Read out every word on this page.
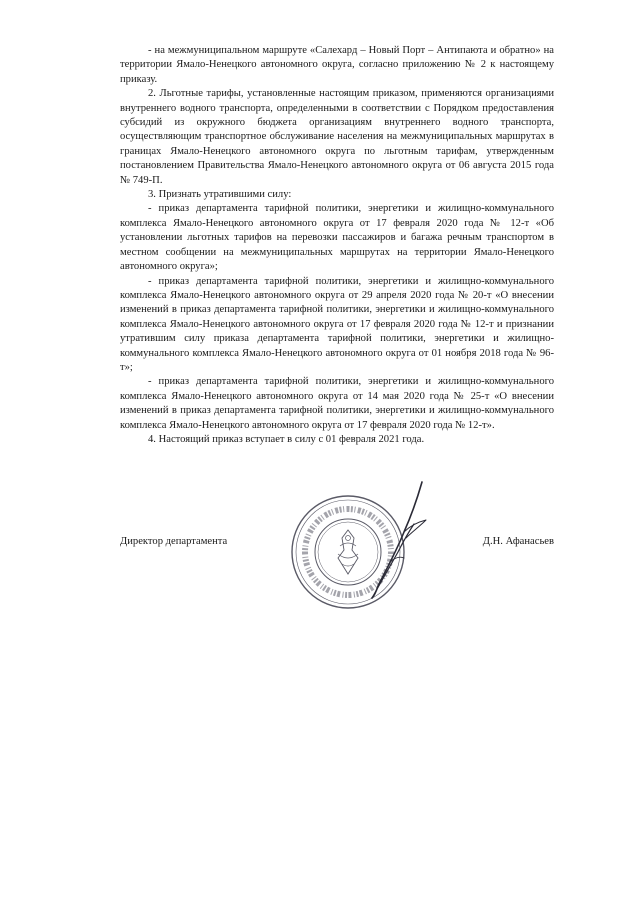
- на межмуниципальном маршруте «Салехард – Новый Порт – Антипаюта и обратно» на территории Ямало-Ненецкого автономного округа, согласно приложению № 2 к настоящему приказу.

2. Льготные тарифы, установленные настоящим приказом, применяются организациями внутреннего водного транспорта, определенными в соответствии с Порядком предоставления субсидий из окружного бюджета организациям внутреннего водного транспорта, осуществляющим транспортное обслуживание населения на межмуниципальных маршрутах в границах Ямало-Ненецкого автономного округа по льготным тарифам, утвержденным постановлением Правительства Ямало-Ненецкого автономного округа от 06 августа 2015 года № 749-П.

3. Признать утратившими силу:

- приказ департамента тарифной политики, энергетики и жилищно-коммунального комплекса Ямало-Ненецкого автономного округа от 17 февраля 2020 года № 12-т «Об установлении льготных тарифов на перевозки пассажиров и багажа речным транспортом в местном сообщении на межмуниципальных маршрутах на территории Ямало-Ненецкого автономного округа»;

- приказ департамента тарифной политики, энергетики и жилищно-коммунального комплекса Ямало-Ненецкого автономного округа от 29 апреля 2020 года № 20-т «О внесении изменений в приказ департамента тарифной политики, энергетики и жилищно-коммунального комплекса Ямало-Ненецкого автономного округа от 17 февраля 2020 года № 12-т и признании утратившим силу приказа департамента тарифной политики, энергетики и жилищно-коммунального комплекса Ямало-Ненецкого автономного округа от 01 ноября 2018 года № 96-т»;

- приказ департамента тарифной политики, энергетики и жилищно-коммунального комплекса Ямало-Ненецкого автономного округа от 14 мая 2020 года № 25-т «О внесении изменений в приказ департамента тарифной политики, энергетики и жилищно-коммунального комплекса Ямало-Ненецкого автономного округа от 17 февраля 2020 года № 12-т».

4. Настоящий приказ вступает в силу с 01 февраля 2021 года.

Директор департамента	Д.Н. Афанасьев
